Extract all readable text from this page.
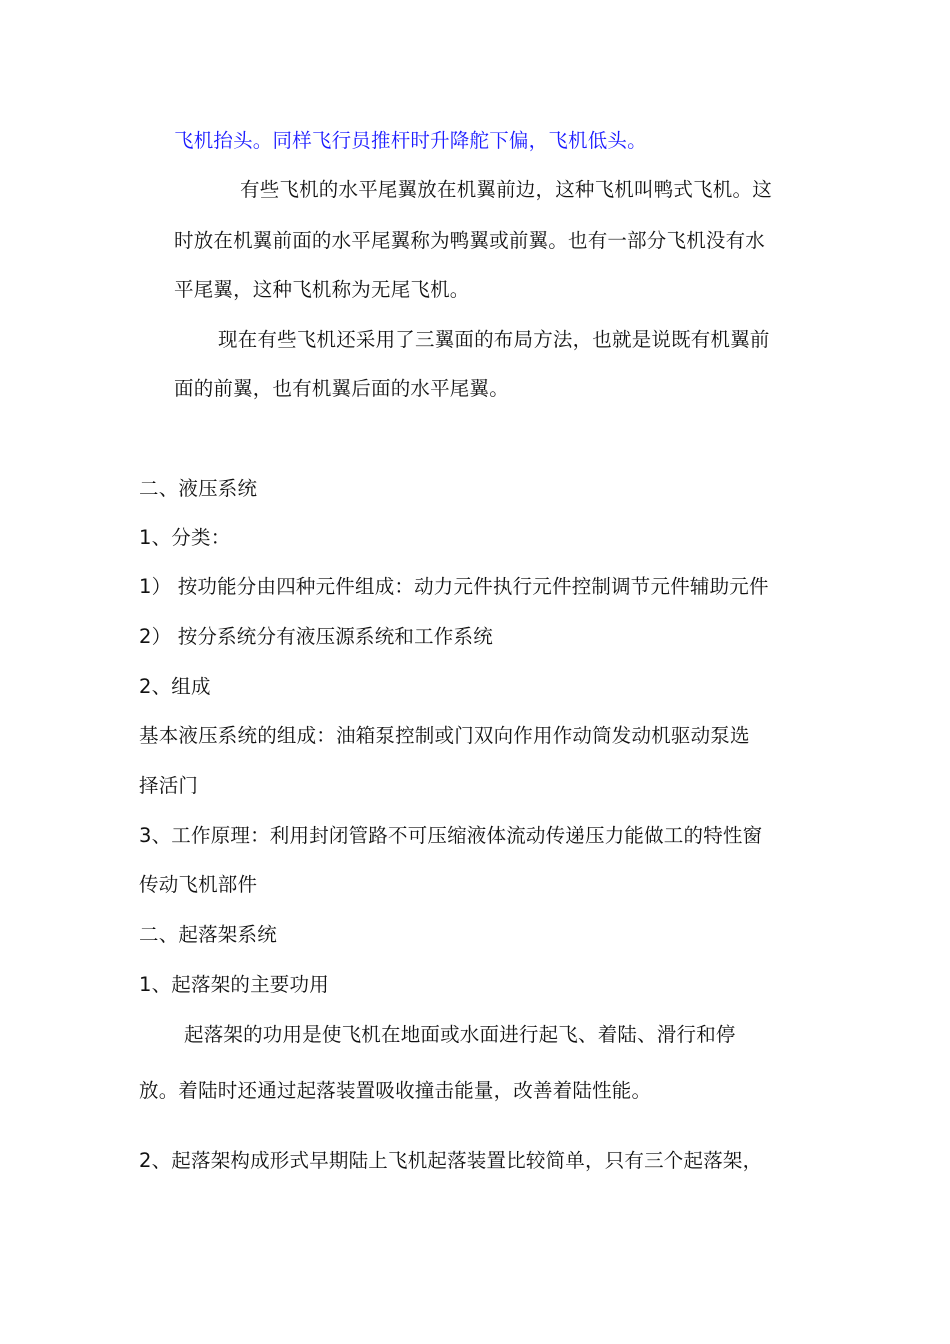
飞机抬头。同样飞行员推杆时升降舵下偏，飞机低头。
有些飞机的水平尾翼放在机翼前边，这种飞机叫鸭式飞机。这
时放在机翼前面的水平尾翼称为鸭翼或前翼。也有一部分飞机没有水
平尾翼，这种飞机称为无尾飞机。
现在有些飞机还采用了三翼面的布局方法，也就是说既有机翼前
面的前翼，也有机翼后面的水平尾翼。
二、液压系统
1、分类：
1） 按功能分由四种元件组成：动力元件执行元件控制调节元件辅助元件
2） 按分系统分有液压源系统和工作系统
2、组成
基本液压系统的组成：油箱泵控制或门双向作用作动筒发动机驱动泵选
择活门
3、工作原理：利用封闭管路不可压缩液体流动传递压力能做工的特性窗
传动飞机部件
二、起落架系统
1、起落架的主要功用
起落架的功用是使飞机在地面或水面进行起飞、着陆、滑行和停
放。着陆时还通过起落装置吸收撞击能量，改善着陆性能。
2、起落架构成形式早期陆上飞机起落装置比较简单，只有三个起落架，
